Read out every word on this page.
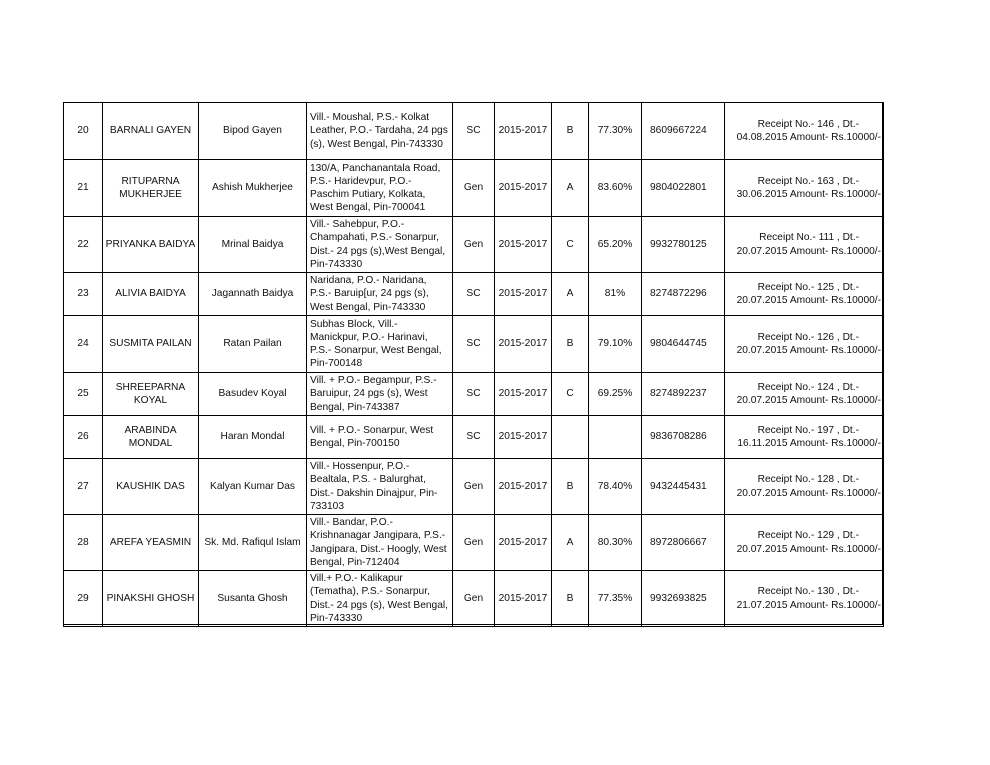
20	BARNALI GAYEN	Bipod Gayen	Vill.- Moushal, P.S.- Kolkat Leather, P.O.- Tardaha, 24 pgs (s), West Bengal, Pin-743330	SC	2015-2017	B	77.30%	8609667224	Receipt No.- 146 , Dt.-
04.08.2015 Amount- Rs.10000/-

21	RITUPARNA MUKHERJEE	Ashish Mukherjee	130/A, Panchanantala Road, P.S.- Haridevpur, P.O.- Paschim Putiary, Kolkata, West Bengal, Pin-700041	Gen	2015-2017	A	83.60%	9804022801	Receipt No.- 163 , Dt.-
30.06.2015 Amount- Rs.10000/-

22	PRIYANKA BAIDYA	Mrinal Baidya	Vill.- Sahebpur, P.O.- Champahati, P.S.- Sonarpur, Dist.- 24 pgs (s),West Bengal, Pin-743330	Gen	2015-2017	C	65.20%	9932780125	Receipt No.- 111 , Dt.-
20.07.2015 Amount- Rs.10000/-

23	ALIVIA BAIDYA	Jagannath Baidya	Naridana, P.O.- Naridana, P.S.- Baruip[ur, 24 pgs (s), West Bengal, Pin-743330	SC	2015-2017	A	81%	8274872296	Receipt No.- 125 , Dt.-
20.07.2015 Amount- Rs.10000/-

24	SUSMITA PAILAN	Ratan Pailan	Subhas Block, Vill.- Manickpur, P.O.- Harinavi, P.S.- Sonarpur, West Bengal, Pin-700148	SC	2015-2017	B	79.10%	9804644745	Receipt No.- 126 , Dt.-
20.07.2015 Amount- Rs.10000/-

25	SHREEPARNA KOYAL	Basudev Koyal	Vill. + P.O.- Begampur, P.S.- Baruipur, 24 pgs (s), West Bengal, Pin-743387	SC	2015-2017	C	69.25%	8274892237	Receipt No.- 124 , Dt.-
20.07.2015 Amount- Rs.10000/-

26	ARABINDA MONDAL	Haran Mondal	Vill. + P.O.- Sonarpur, West Bengal, Pin-700150	SC	2015-2017			9836708286	Receipt No.- 197 , Dt.-
16.11.2015 Amount- Rs.10000/-

27	KAUSHIK DAS	Kalyan Kumar Das	Vill.- Hossenpur, P.O.- Bealtala, P.S. - Balurghat, Dist.- Dakshin Dinajpur, Pin-733103	Gen	2015-2017	B	78.40%	9432445431	Receipt No.- 128 , Dt.-
20.07.2015 Amount- Rs.10000/-

28	AREFA YEASMIN	Sk. Md. Rafiqul Islam	Vill.- Bandar, P.O.- Krishnanagar Jangipara, P.S.- Jangipara, Dist.- Hoogly, West Bengal, Pin-712404	Gen	2015-2017	A	80.30%	8972806667	Receipt No.- 129 , Dt.-
20.07.2015 Amount- Rs.10000/-

29	PINAKSHI GHOSH	Susanta Ghosh	Vill.+ P.O.- Kalikapur (Tematha), P.S.- Sonarpur, Dist.- 24 pgs (s), West Bengal, Pin-743330	Gen	2015-2017	B	77.35%	9932693825	Receipt No.- 130 , Dt.-
21.07.2015 Amount- Rs.10000/-
